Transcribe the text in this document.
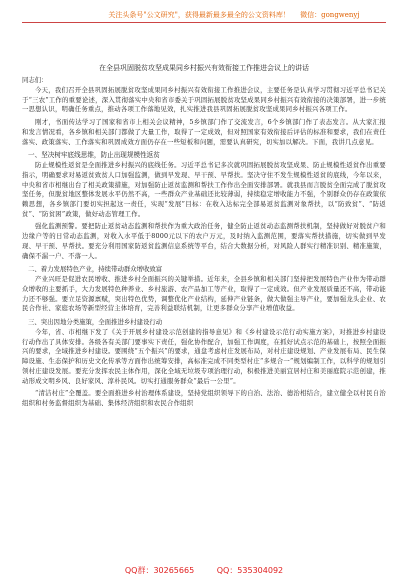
关注头条号"公文研究"，获得最新最多最全的公文资料库！ 微信：gongwenyj
在全县巩固脱贫攻坚成果同乡村振兴有效衔接工作推进会议上的讲话
同志们：

今天，我们召开全县巩固拓展脱贫攻坚成果同乡村振兴有效衔接工作推进会议，主要任务是认真学习贯彻习近平总书记关于“三农”工作的重要论述，深入贯彻落实中央和省市委关于巩固拓展脱贫攻坚成果同乡村振兴有效衔接的决策部署，进一步统一思想认识，明确任务重点，推动各项工作落地见效，扎实推进我县巩固拓展脱贫攻坚成果同乡村振兴各项工作。

刚才，书面传达学习了国家和省市上相关会议精神，5乡镇部门作了交流发言，6个乡镇部门作了表态发言。从大家汇报和发言情况看，各乡镇和相关部门都做了大量工作，取得了一定成效，但对照国家有效衔接后评估的标准和要求，我们在责任落实、政策落实、工作落实和巩固成效方面仍存在一些短板和问题，需要认真研究，切实加以解决。下面，我讲几点意见。

一、坚决树牢底线思维，防止出现规模性返贫

防止规模性返贫是全面推进乡村振兴的底线任务。习近平总书记多次就巩固拓展脱贫攻坚成果、防止规模性返贫作出重要指示，明确要求对易返贫致贫人口加强监测，做到早发现、早干预、早帮扶。坚决守住不发生规模性返贫的底线，今年以来，中央和省市相继出台了相关政策措施，对加强防止返贫监测和帮扶工作作出全面安排部署。就我县而言脱贫全面完成了脱贫攻坚任务，但脱贫地区整体发展水平仍然不高，一些群众产业基础还比较薄弱，持续稳定增收能力不强，个别群众仍存在政策依赖思想，各乡镇部门要切实担起这一责任，实现“发展”目标：在收入达标完全部易返贫监测对象帮扶，以“防致贫”、“防返贫”、“防贫困”政策，做好动态管理工作。

强化监测预警。要把防止返贫动态监测和帮扶作为重大政治任务，健全防止返贫动态监测帮扶机制，坚持做好对脱贫户和边缘户等的日常动态监测，对收入水平低于8000元以下的农户万元，及时纳入监测范围，要落实帮扶措施，切实做到早发现、早干预、早帮扶。要充分利用国家防返贫监测信息系统等平台，结合大数据分析，对风险人群实行精准识别、精准施策，确保不漏一户、不落一人。

二、着力发展特色产业，持续带动群众增收致富

产业兴旺是促进农民增收、推进乡村全面振兴的关键举措。近年来，全县乡镇和相关部门坚持把发展特色产业作为带动群众增收的主要抓手，大力发展特色种养业、乡村旅游、农产品加工等产业，取得了一定成效。但产业发展质量还不高，带动能力还不够强。要立足资源禀赋，突出特色优势，调整优化产业结构，延伸产业链条，做大做强主导产业，要加强龙头企业、农民合作社、家庭农场等新型经营主体培育，完善利益联结机制，让更多群众分享产业增值收益。

三、突出因地分类施策，全面推进乡村建设行动

今年，省、市相继下发了《关于开展乡村建设示范创建的指导意见》和《乡村建设示范行动实施方案》，对推进乡村建设行动作出了具体安排。各级各有关部门要事实下责任，强化协作配合，加强工作调度，在抓好试点示范的基础上，按照全面振兴的要求，全域推进乡村建设。要围绕“五个振兴”的要求，通盘考虑村庄发展布局，对村庄建设规划、产业发展布局、民生保障设施、生态保护和历史文化传承等方面作出统筹安排，高标准完成不同类型村庄“多规合一”规划编制工作，以科学的规划引领村庄建设发展。要充分发挥农民主体作用，深化全域无垃圾专项治理行动，积极推进美丽宜居村庄和美丽庭院示范创建，推动形成文明乡风、良好家风、淳朴民风。切实打通服务群众“最后一公里”。

“清洁村庄”全覆盖。要全面推进乡村治理体系建设，坚持党组织领导下的自治、法治、德治相结合，建立健全以村民自治组织和村务监督组织为基础、集体经济组织和农民合作组织

QQ群：30265665	QQ：535304092
